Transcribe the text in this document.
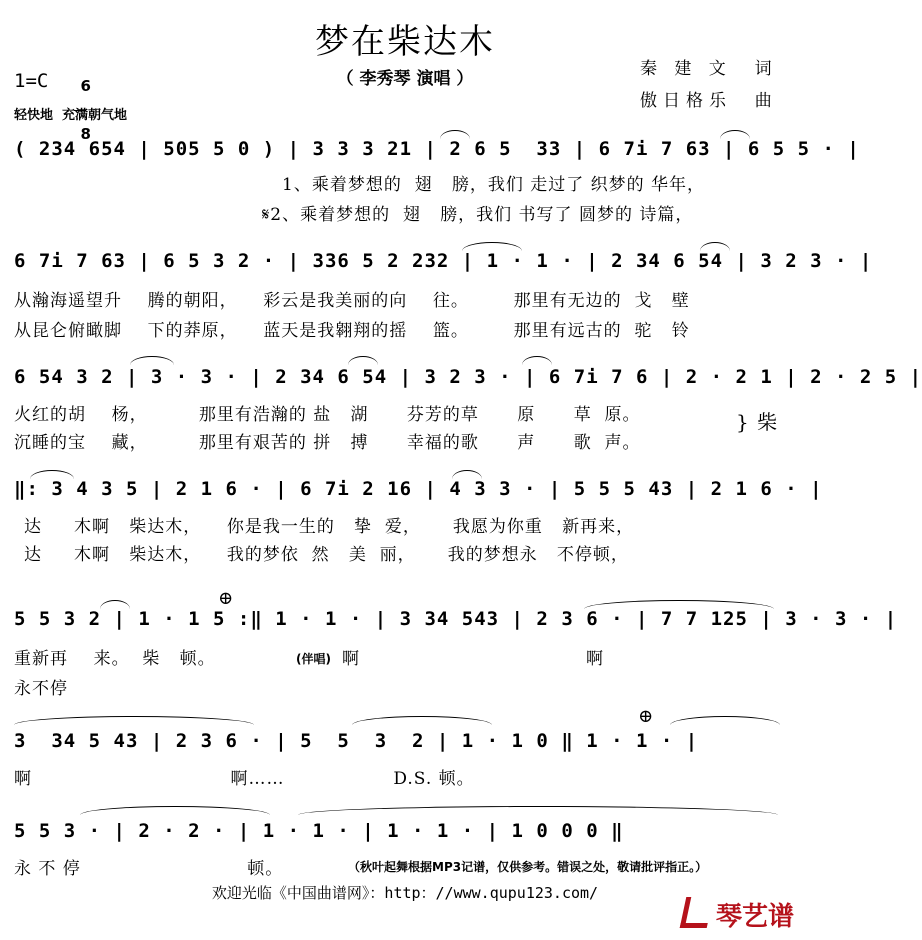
梦在柴达木
（ 李秀琴 演唱 ）	秦 建 文  词
傲日格乐  曲
1=C	6

8

轻快地  充满朝气地
( 234 654 | 505 5 0 ) | 3 3 3 21 | 2 6 5  33 | 6 7i 7 63 | 6 5 5 · |
1、乘着梦想的  翅   膀，我们 走过了 织梦的 华年，
𝄋2、乘着梦想的  翅   膀，我们 书写了 圆梦的 诗篇，
6 7i 7 63 | 6 5 3 2 · | 336 5 2 232 | 1 · 1 · | 2 34 6 54 | 3 2 3 · |
从瀚海遥望升    腾的朝阳，    彩云是我美丽的向    往。       那里有无边的  戈   壁
从昆仑俯瞰脚    下的莽原，    蓝天是我翱翔的摇    篮。       那里有远古的  驼   铃
6 54 3 2 | 3 · 3 · | 2 34 6 54 | 3 2 3 · | 6 7i 7 6 | 2 · 2 1 | 2 · 2 5 |
火红的胡    杨，        那里有浩瀚的 盐   湖      芬芳的草      原      草  原。
沉睡的宝    藏，        那里有艰苦的 拼   搏      幸福的歌      声      歌  声。
} 柴
‖: 3 4 3 5 | 2 1 6 · | 6 7i 2 16 | 4 3 3 · | 5 5 5 43 | 2 1 6 · |
达     木啊   柴达木，    你是我一生的   挚  爱，     我愿为你重   新再来，
达     木啊   柴达木，    我的梦依  然   美  丽，     我的梦想永   不停顿，
⊕
5 5 3 2 | 1 · 1 5 :‖ 1 · 1 · | 3 34 543 | 2 3 6 · | 7 7 125 | 3 · 3 · |
重新再    来。  柴   顿。	(伴唱) 啊	啊
永不停
⊕
3  34 5 43 | 2 3 6 · | 5  5  3  2 | 1 · 1 0 ‖ 1 · 1 · |
啊                               啊……                 D.S. 顿。
5 5 3 · | 2 · 2 · | 1 · 1 · | 1 · 1 · | 1 0 0 0 ‖
永 不 停                          顿。	（秋叶起舞根据MP3记谱，仅供参考。错误之处，敬请批评指正。）
欢迎光临《中国曲谱网》：http：//www.qupu123.com/
琴艺谱
